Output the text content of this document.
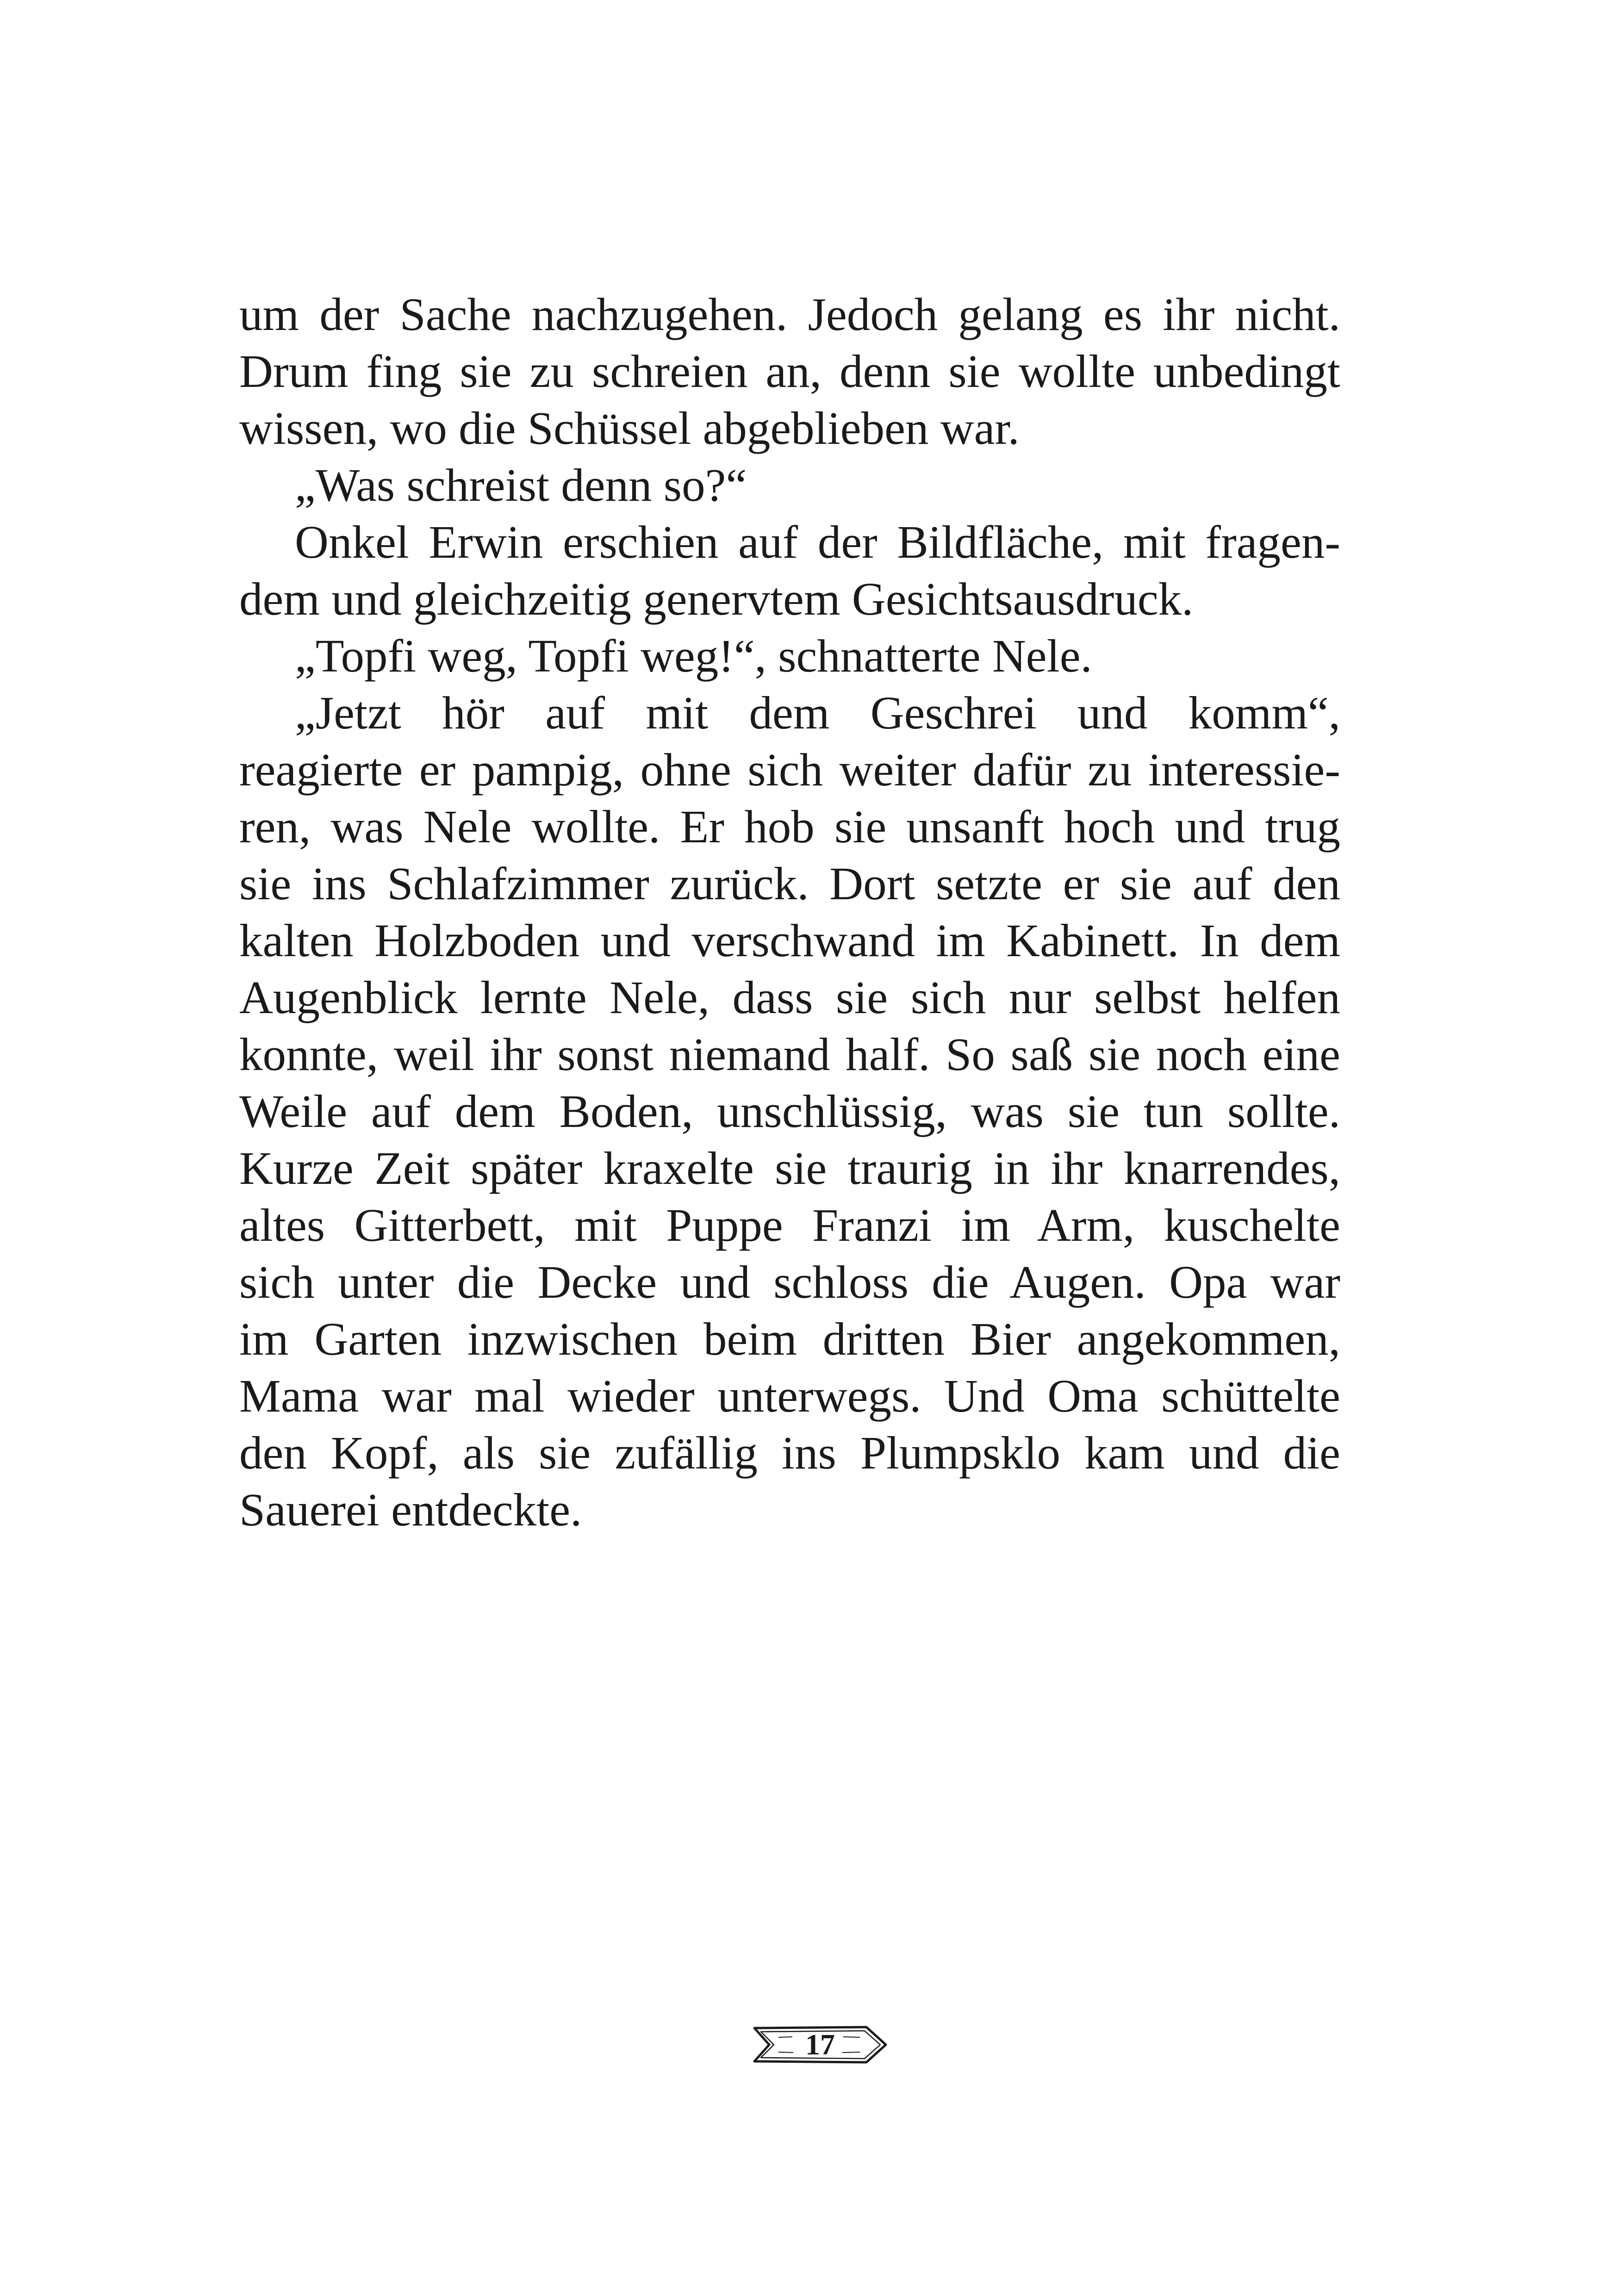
um der Sache nachzugehen. Jedoch gelang es ihr nicht.
Drum fing sie zu schreien an, denn sie wollte unbedingt
wissen, wo die Schüssel abgeblieben war.
„Was schreist denn so?“
Onkel Erwin erschien auf der Bildfläche, mit fragen-
dem und gleichzeitig genervtem Gesichtsausdruck.
„Topfi weg, Topfi weg!“, schnatterte Nele.
„Jetzt hör auf mit dem Geschrei und komm“,
reagierte er pampig, ohne sich weiter dafür zu interessie-
ren, was Nele wollte. Er hob sie unsanft hoch und trug
sie ins Schlafzimmer zurück. Dort setzte er sie auf den
kalten Holzboden und verschwand im Kabinett. In dem
Augenblick lernte Nele, dass sie sich nur selbst helfen
konnte, weil ihr sonst niemand half. So saß sie noch eine
Weile auf dem Boden, unschlüssig, was sie tun sollte.
Kurze Zeit später kraxelte sie traurig in ihr knarrendes,
altes Gitterbett, mit Puppe Franzi im Arm, kuschelte
sich unter die Decke und schloss die Augen. Opa war
im Garten inzwischen beim dritten Bier angekommen,
Mama war mal wieder unterwegs. Und Oma schüttelte
den Kopf, als sie zufällig ins Plumpsklo kam und die
Sauerei entdeckte.
17
